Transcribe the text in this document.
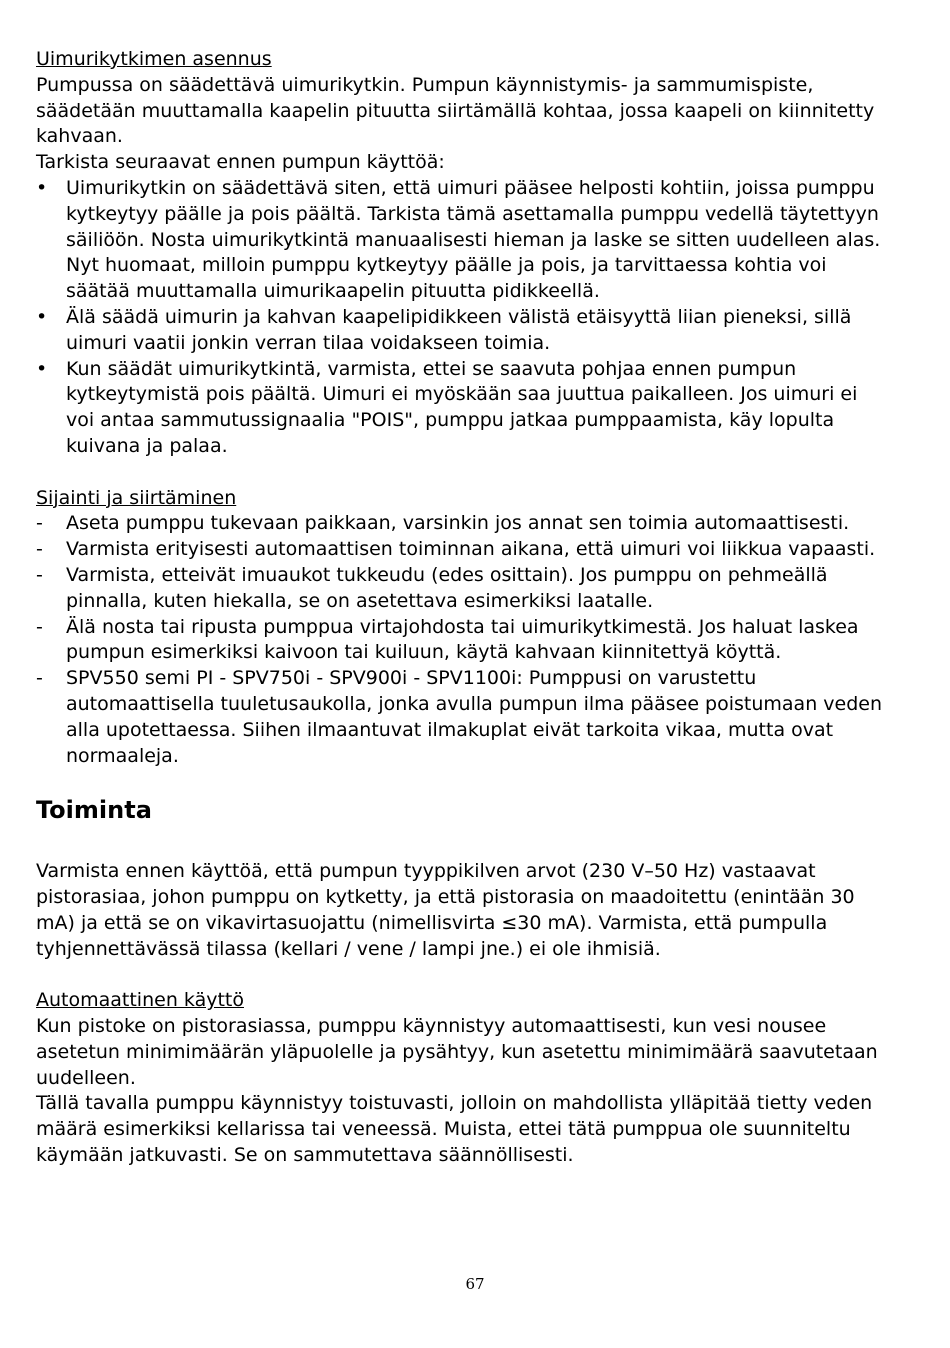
Uimurikytkimen asennus

Pumpussa on säädettävä uimurikytkin. Pumpun käynnistymis- ja sammumispiste, säädetään muuttamalla kaapelin pituutta siirtämällä kohtaa, jossa kaapeli on kiinnitetty kahvaan.

Tarkista seuraavat ennen pumpun käyttöä:

• Uimurikytkin on säädettävä siten, että uimuri pääsee helposti kohtiin, joissa pumppu kytkeytyy päälle ja pois päältä. Tarkista tämä asettamalla pumppu vedellä täytettyyn säiliöön. Nosta uimurikytkintä manuaalisesti hieman ja laske se sitten uudelleen alas. Nyt huomaat, milloin pumppu kytkeytyy päälle ja pois, ja tarvittaessa kohtia voi säätää muuttamalla uimurikaapelin pituutta pidikkeellä.
• Älä säädä uimurin ja kahvan kaapelipidikkeen välistä etäisyyttä liian pieneksi, sillä uimuri vaatii jonkin verran tilaa voidakseen toimia.
• Kun säädät uimurikytkintä, varmista, ettei se saavuta pohjaa ennen pumpun kytkeytymistä pois päältä. Uimuri ei myöskään saa juuttua paikalleen. Jos uimuri ei voi antaa sammutussignaalia "POIS", pumppu jatkaa pumppaamista, käy lopulta kuivana ja palaa.
Sijainti ja siirtäminen
-	Aseta pumppu tukevaan paikkaan, varsinkin jos annat sen toimia automaattisesti.
-	Varmista erityisesti automaattisen toiminnan aikana, että uimuri voi liikkua vapaasti.
-	Varmista, etteivät imuaukot tukkeudu (edes osittain). Jos pumppu on pehmeällä pinnalla, kuten hiekalla, se on asetettava esimerkiksi laatalle.
-	Älä nosta tai ripusta pumppua virtajohdosta tai uimurikytkimestä. Jos haluat laskea pumpun esimerkiksi kaivoon tai kuiluun, käytä kahvaan kiinnitettyä köyttä.
-	SPV550 semi PI - SPV750i - SPV900i - SPV1100i: Pumppusi on varustettu automaattisella tuuletusaukolla, jonka avulla pumpun ilma pääsee poistumaan veden alla upotettaessa. Siihen ilmaantuvat ilmakuplat eivät tarkoita vikaa, mutta ovat normaaleja.
Toiminta

Varmista ennen käyttöä, että pumpun tyyppikilven arvot (230 V–50 Hz) vastaavat pistorasiaa, johon pumppu on kytketty, ja että pistorasia on maadoitettu (enintään 30 mA) ja että se on vikavirtasuojattu (nimellisvirta ≤30 mA). Varmista, että pumpulla tyhjennettävässä tilassa (kellari / vene / lampi jne.) ei ole ihmisiä.

Automaattinen käyttö

Kun pistoke on pistorasiassa, pumppu käynnistyy automaattisesti, kun vesi nousee asetetun minimimäärän yläpuolelle ja pysähtyy, kun asetettu minimimäärä saavutetaan uudelleen.

Tällä tavalla pumppu käynnistyy toistuvasti, jolloin on mahdollista ylläpitää tietty veden määrä esimerkiksi kellarissa tai veneessä. Muista, ettei tätä pumppua ole suunniteltu käymään jatkuvasti. Se on sammutettava säännöllisesti.

67
